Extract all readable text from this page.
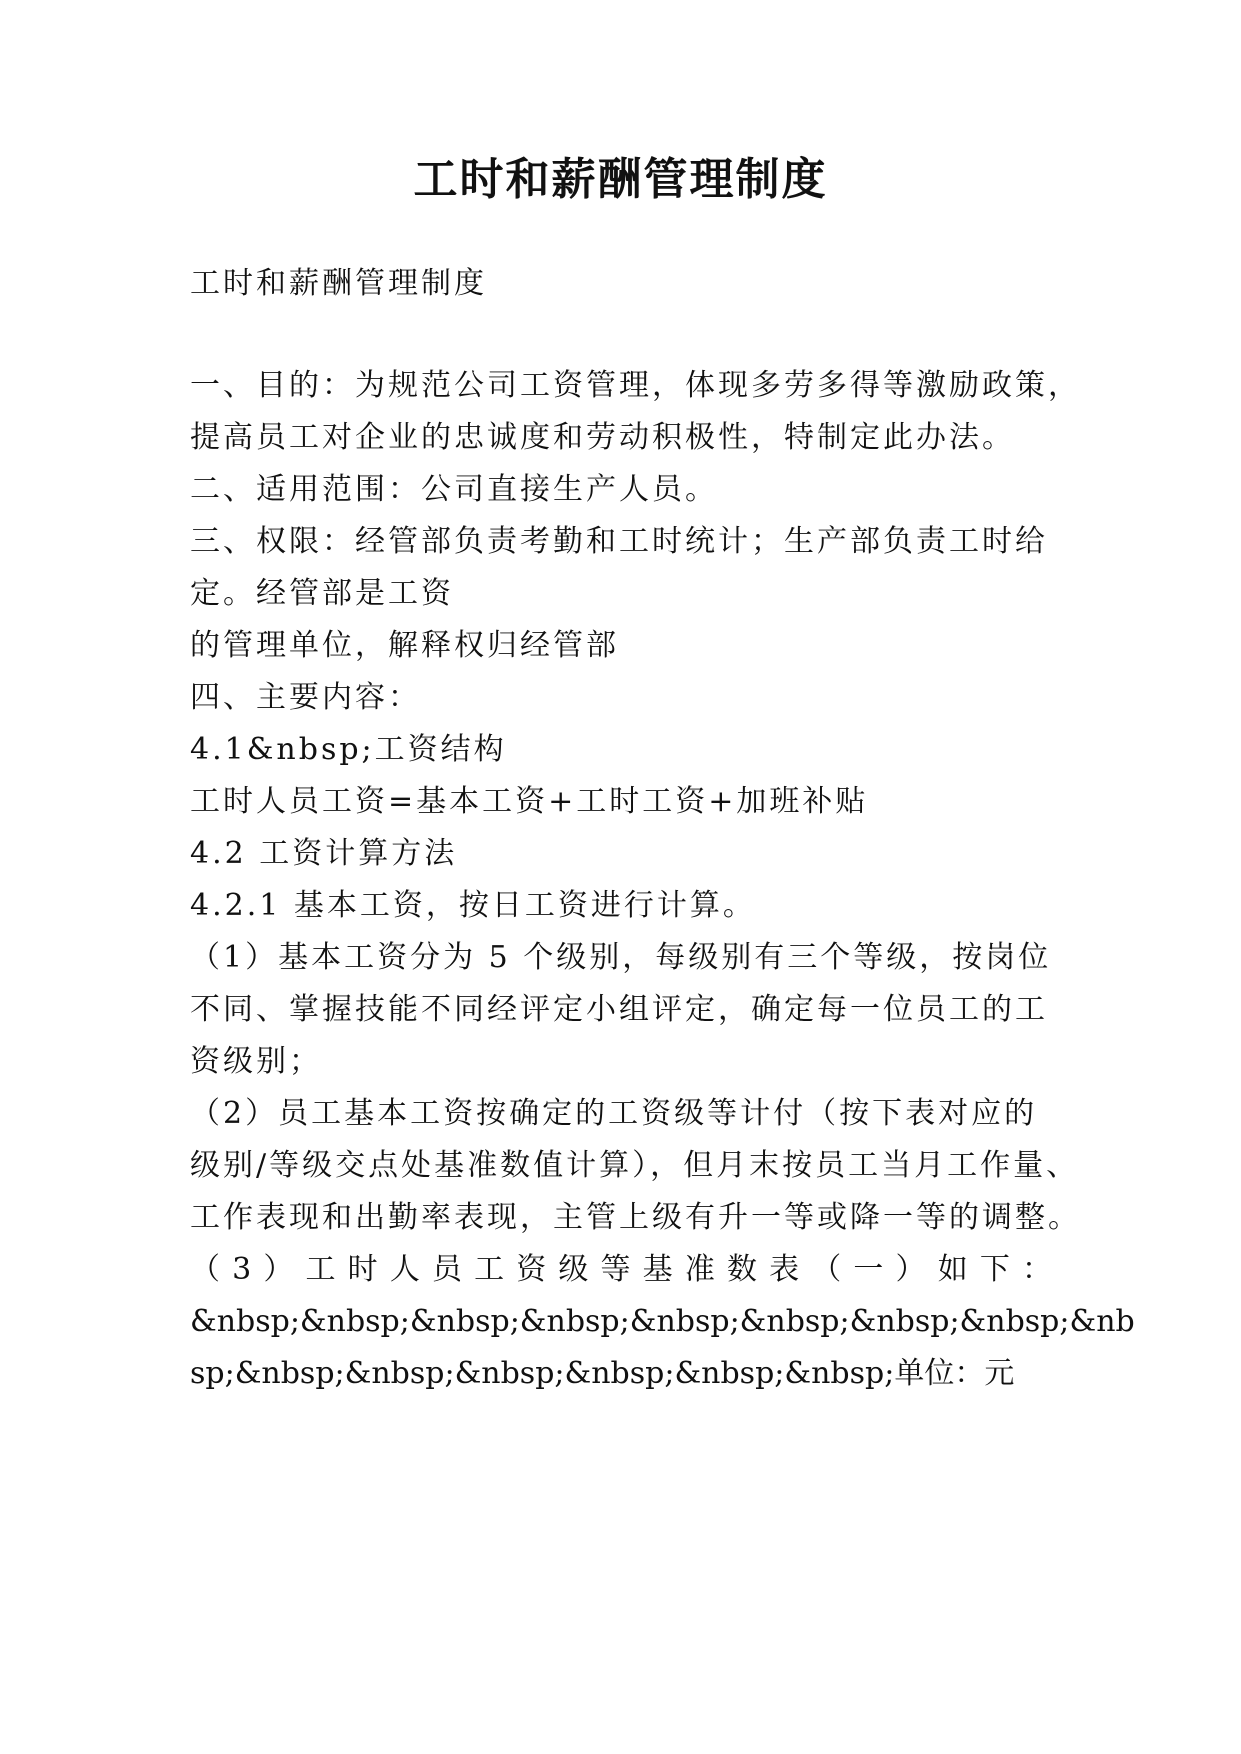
工时和薪酬管理制度
工时和薪酬管理制度
一、目的：为规范公司工资管理，体现多劳多得等激励政策，
提高员工对企业的忠诚度和劳动积极性，特制定此办法。
二、适用范围：公司直接生产人员。
三、权限：经管部负责考勤和工时统计；生产部负责工时给
定。经管部是工资
的管理单位，解释权归经管部
四、主要内容：
4.1&nbsp;工资结构
工时人员工资=基本工资+工时工资+加班补贴
4.2 工资计算方法
4.2.1 基本工资，按日工资进行计算。
（1）基本工资分为 5 个级别，每级别有三个等级，按岗位
不同、掌握技能不同经评定小组评定，确定每一位员工的工
资级别；
（2）员工基本工资按确定的工资级等计付（按下表对应的
级别/等级交点处基准数值计算），但月末按员工当月工作量、
工作表现和出勤率表现，主管上级有升一等或降一等的调整。
（3）工时人员工资级等基准数表（一）如下：
&nbsp;&nbsp;&nbsp;&nbsp;&nbsp;&nbsp;&nbsp;&nbsp;&nb
sp;&nbsp;&nbsp;&nbsp;&nbsp;&nbsp;&nbsp;单位：元
